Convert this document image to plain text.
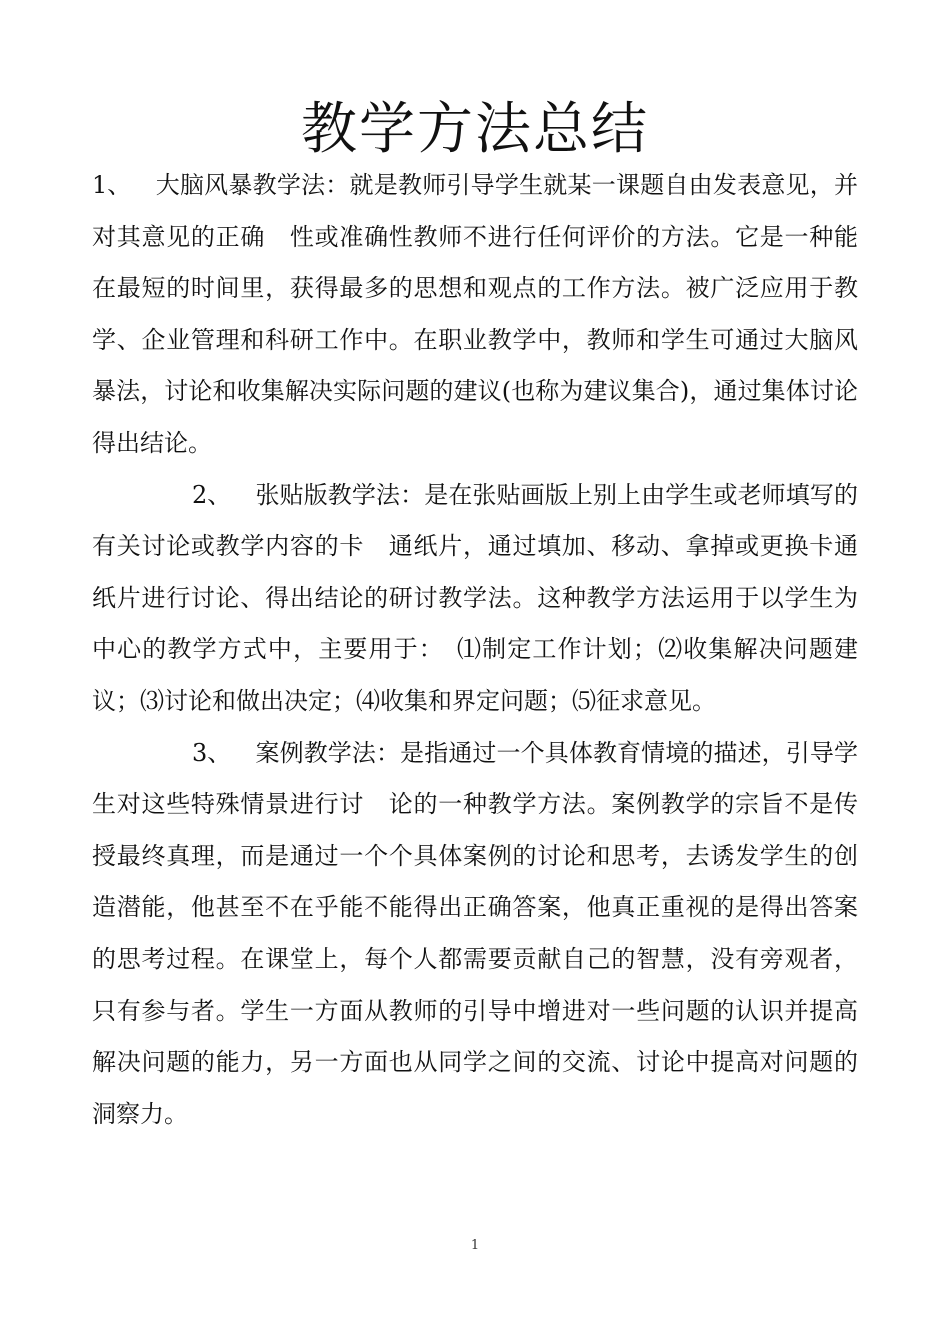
教学方法总结

1、　大脑风暴教学法：就是教师引导学生就某一课题自由发表意见，并对其意见的正确　性或准确性教师不进行任何评价的方法。它是一种能在最短的时间里，获得最多的思想和观点的工作方法。被广泛应用于教学、企业管理和科研工作中。在职业教学中，教师和学生可通过大脑风暴法，讨论和收集解决实际问题的建议(也称为建议集合)，通过集体讨论得出结论。

2、　张贴版教学法：是在张贴画版上别上由学生或老师填写的有关讨论或教学内容的卡　通纸片，通过填加、移动、拿掉或更换卡通纸片进行讨论、得出结论的研讨教学法。这种教学方法运用于以学生为中心的教学方式中，主要用于：　⑴制定工作计划；⑵收集解决问题建议；⑶讨论和做出决定；⑷收集和界定问题；⑸征求意见。

3、　案例教学法：是指通过一个具体教育情境的描述，引导学生对这些特殊情景进行讨　论的一种教学方法。案例教学的宗旨不是传授最终真理，而是通过一个个具体案例的讨论和思考，去诱发学生的创造潜能，他甚至不在乎能不能得出正确答案，他真正重视的是得出答案的思考过程。在课堂上，每个人都需要贡献自己的智慧，没有旁观者，只有参与者。学生一方面从教师的引导中增进对一些问题的认识并提高解决问题的能力，另一方面也从同学之间的交流、讨论中提高对问题的洞察力。

1
